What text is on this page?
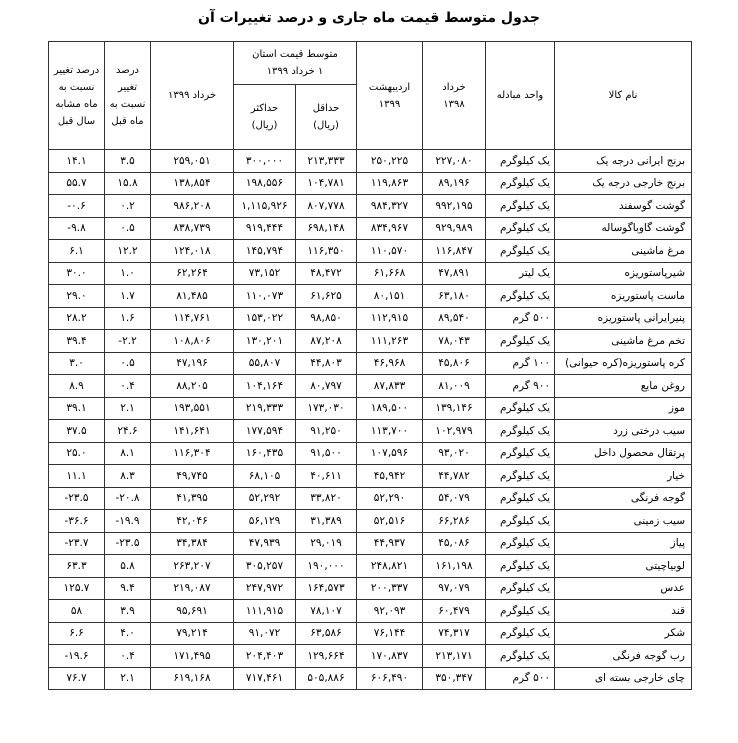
جدول متوسط قیمت ماه جاری و درصد تغییرات آن
نام کالا	واحد مبادله	خرداد ۱۳۹۸	اردیبهشت ۱۳۹۹	متوسط قیمت استان ۱ خرداد ۱۳۹۹		خرداد ۱۳۹۹	درصد تغییر نسبت به ماه قبل	درصد تغییر نسبت به ماه مشابه سال قبل

				حداقل (ریال)	حداکثر (ریال)			

برنج ایرانی درجه یک	یک کیلوگرم	۲۲۷,۰۸۰	۲۵۰,۲۲۵	۲۱۳,۳۳۳	۳۰۰,۰۰۰	۲۵۹,۰۵۱	۳.۵	۱۴.۱
برنج خارجی درجه یک	یک کیلوگرم	۸۹,۱۹۶	۱۱۹,۸۶۳	۱۰۴,۷۸۱	۱۹۸,۵۵۶	۱۳۸,۸۵۴	۱۵.۸	۵۵.۷
گوشت گوسفند	یک کیلوگرم	۹۹۲,۱۹۵	۹۸۴,۳۲۷	۸۰۷,۷۷۸	۱,۱۱۵,۹۲۶	۹۸۶,۲۰۸	۰.۲	-۰.۶
گوشت گاوباگوساله	یک کیلوگرم	۹۲۹,۹۸۹	۸۳۴,۹۶۷	۶۹۸,۱۴۸	۹۱۹,۴۴۴	۸۳۸,۷۳۹	۰.۵	-۹.۸
مرغ ماشینی	یک کیلوگرم	۱۱۶,۸۴۷	۱۱۰,۵۷۰	۱۱۶,۳۵۰	۱۴۵,۷۹۴	۱۲۴,۰۱۸	۱۲.۲	۶.۱
شیرپاستوریزه	یک لیتر	۴۷,۸۹۱	۶۱,۶۶۸	۴۸,۴۷۲	۷۳,۱۵۲	۶۲,۲۶۴	۱.۰	۳۰.۰
ماست پاستوریزه	یک کیلوگرم	۶۳,۱۸۰	۸۰,۱۵۱	۶۱,۶۲۵	۱۱۰,۰۷۳	۸۱,۴۸۵	۱.۷	۲۹.۰
پنیرایرانی پاستوریزه	۵۰۰ گرم	۸۹,۵۴۰	۱۱۲,۹۱۵	۹۸,۸۵۰	۱۵۳,۰۲۲	۱۱۴,۷۶۱	۱.۶	۲۸.۲
تخم مرغ ماشینی	یک کیلوگرم	۷۸,۰۴۳	۱۱۱,۲۶۳	۸۷,۲۰۸	۱۳۰,۲۰۱	۱۰۸,۸۰۶	-۲.۲	۳۹.۴
کره پاستوریزه(کره حیوانی)	۱۰۰ گرم	۴۵,۸۰۶	۴۶,۹۶۸	۴۴,۸۰۳	۵۵,۸۰۷	۴۷,۱۹۶	۰.۵	۳.۰
روغن مایع	۹۰۰ گرم	۸۱,۰۰۹	۸۷,۸۳۳	۸۰,۷۹۷	۱۰۴,۱۶۴	۸۸,۲۰۵	۰.۴	۸.۹
موز	یک کیلوگرم	۱۳۹,۱۴۶	۱۸۹,۵۰۰	۱۷۳,۰۳۰	۲۱۹,۳۳۳	۱۹۳,۵۵۱	۲.۱	۳۹.۱
سیب درختی زرد	یک کیلوگرم	۱۰۲,۹۷۹	۱۱۳,۷۰۰	۹۱,۲۵۰	۱۷۷,۵۹۴	۱۴۱,۶۴۱	۲۴.۶	۳۷.۵
پرتقال محصول داخل	یک کیلوگرم	۹۳,۰۲۰	۱۰۷,۵۹۶	۹۱,۵۰۰	۱۶۰,۴۳۵	۱۱۶,۳۰۴	۸.۱	۲۵.۰
خیار	یک کیلوگرم	۴۴,۷۸۲	۴۵,۹۴۲	۴۰,۶۱۱	۶۸,۱۰۵	۴۹,۷۴۵	۸.۳	۱۱.۱
گوجه فرنگی	یک کیلوگرم	۵۴,۰۷۹	۵۲,۲۹۰	۳۳,۸۲۰	۵۲,۲۹۲	۴۱,۳۹۵	-۲۰.۸	-۲۳.۵
سیب زمینی	یک کیلوگرم	۶۶,۲۸۶	۵۲,۵۱۶	۳۱,۳۸۹	۵۶,۱۲۹	۴۲,۰۴۶	-۱۹.۹	-۳۶.۶
پیاز	یک کیلوگرم	۴۵,۰۸۶	۴۴,۹۳۷	۲۹,۰۱۹	۴۷,۹۳۹	۳۴,۳۸۴	-۲۳.۵	-۲۳.۷
لوبیاچیتی	یک کیلوگرم	۱۶۱,۱۹۸	۲۴۸,۸۲۱	۱۹۰,۰۰۰	۳۰۵,۲۵۷	۲۶۳,۲۰۷	۵.۸	۶۳.۳
عدس	یک کیلوگرم	۹۷,۰۷۹	۲۰۰,۳۳۷	۱۶۴,۵۷۳	۲۴۷,۹۷۲	۲۱۹,۰۸۷	۹.۴	۱۲۵.۷
قند	یک کیلوگرم	۶۰,۴۷۹	۹۲,۰۹۳	۷۸,۱۰۷	۱۱۱,۹۱۵	۹۵,۶۹۱	۳.۹	۵۸
شکر	یک کیلوگرم	۷۴,۳۱۷	۷۶,۱۴۴	۶۳,۵۸۶	۹۱,۰۷۲	۷۹,۲۱۴	۴.۰	۶.۶
رب گوجه فرنگی	یک کیلوگرم	۲۱۳,۱۷۱	۱۷۰,۸۳۷	۱۲۹,۶۶۴	۲۰۴,۴۰۳	۱۷۱,۴۹۵	۰.۴	-۱۹.۶
چای خارجی بسته ای	۵۰۰ گرم	۳۵۰,۳۴۷	۶۰۶,۴۹۰	۵۰۵,۸۸۶	۷۱۷,۴۶۱	۶۱۹,۱۶۸	۲.۱	۷۶.۷
